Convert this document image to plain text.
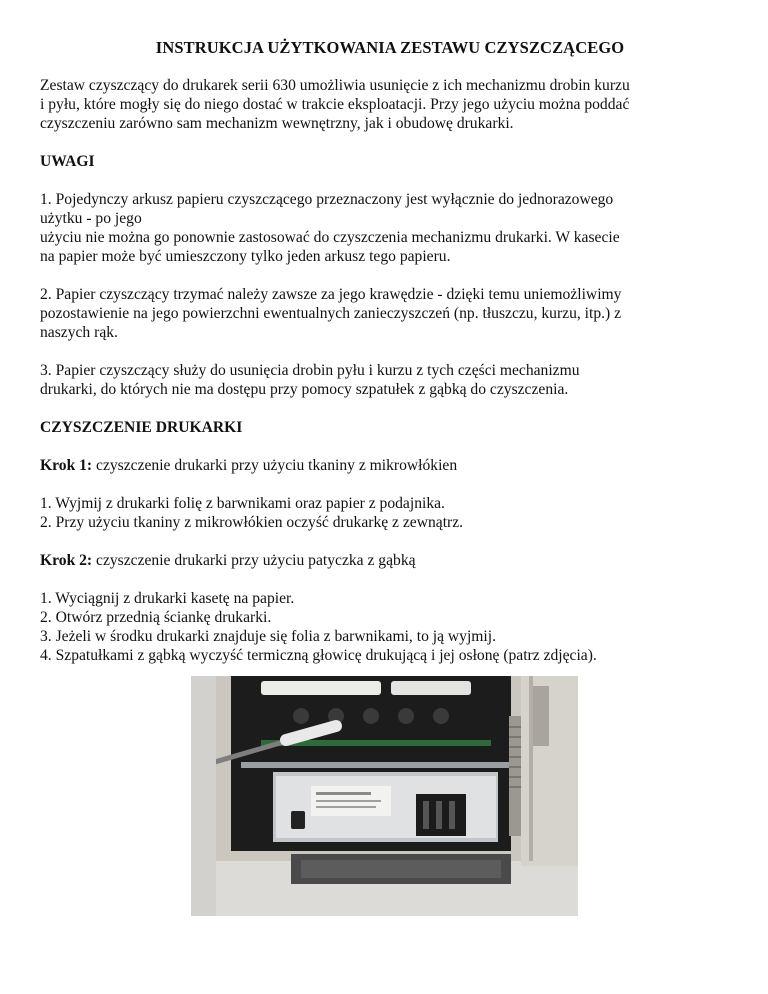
INSTRUKCJA UŻYTKOWANIA ZESTAWU CZYSZCZĄCEGO

Zestaw czyszczący do drukarek serii 630 umożliwia usunięcie z ich mechanizmu drobin kurzu
i pyłu, które mogły się do niego dostać w trakcie eksploatacji. Przy jego użyciu można poddać
czyszczeniu zarówno sam mechanizm wewnętrzny, jak i obudowę drukarki.

UWAGI

1. Pojedynczy arkusz papieru czyszczącego przeznaczony jest wyłącznie do jednorazowego
użytku - po jego
użyciu nie można go ponownie zastosować do czyszczenia mechanizmu drukarki. W kasecie
na papier może być umieszczony tylko jeden arkusz tego papieru.

2. Papier czyszczący trzymać należy zawsze za jego krawędzie - dzięki temu uniemożliwimy
pozostawienie na jego powierzchni ewentualnych zanieczyszczeń (np. tłuszczu, kurzu, itp.) z
naszych rąk.

3. Papier czyszczący służy do usunięcia drobin pyłu i kurzu z tych części mechanizmu
drukarki, do których nie ma dostępu przy pomocy szpatułek z gąbką do czyszczenia.

CZYSZCZENIE DRUKARKI

Krok 1: czyszczenie drukarki przy użyciu tkaniny z mikrowłókien

1. Wyjmij z drukarki folię z barwnikami oraz papier z podajnika.
2. Przy użyciu tkaniny z mikrowłókien oczyść drukarkę z zewnątrz.

Krok 2: czyszczenie drukarki przy użyciu patyczka z gąbką

1. Wyciągnij z drukarki kasetę na papier.
2. Otwórz przednią ściankę drukarki.
3. Jeżeli w środku drukarki znajduje się folia z barwnikami, to ją wyjmij.
4. Szpatułkami z gąbką wyczyść termiczną głowicę drukującą i jej osłonę (patrz zdjęcia).
